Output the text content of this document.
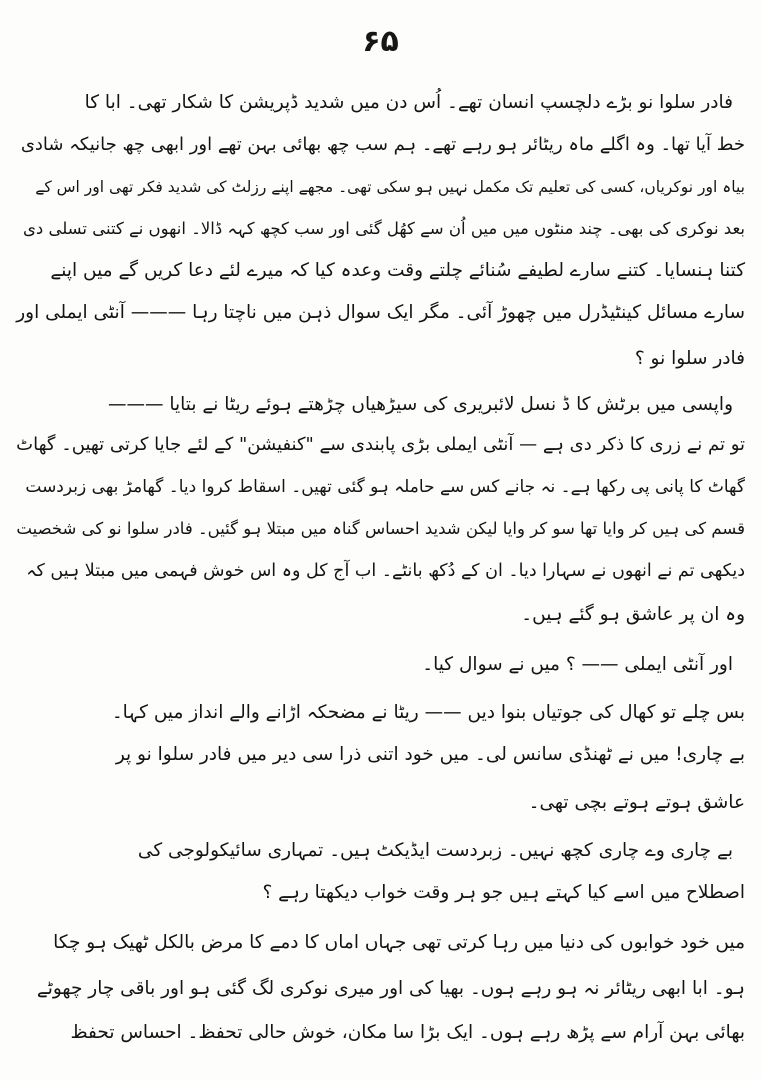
۶۵
فادر سلوا نو بڑے دلچسپ انسان تھے۔ اُس دن میں شدید ڈپریشن کا شکار تھی۔ ابا کا
خط آیا تھا۔ وہ اگلے ماہ ریٹائر ہو رہے تھے۔ ہم سب چھ بھائی بہن تھے اور ابھی چھ جانیکہ شادی
بیاہ اور نوکریاں، کسی کی تعلیم تک مکمل نہیں ہو سکی تھی۔ مجھے اپنے رزلٹ کی شدید فکر تھی اور اس کے
بعد نوکری کی بھی۔ چند منٹوں میں میں اُن سے کھُل گئی اور سب کچھ کہہ ڈالا۔ انھوں نے کتنی تسلی دی
کتنا ہنسایا۔ کتنے سارے لطیفے سُنائے چلتے وقت وعدہ کیا کہ میرے لئے دعا کریں گے میں اپنے
سارے مسائل کینٹیڈرل میں چھوڑ آئی۔ مگر ایک سوال ذہن میں ناچتا رہا ——— آنٹی ایملی اور
فادر سلوا نو ؟
واپسی میں برٹش کا ڈ نسل لائبریری کی سیڑھیاں چڑھتے ہوئے ریٹا نے بتایا ———
تو تم نے زری کا ذکر دی ہے — آنٹی ایملی بڑی پابندی سے "کنفیشن" کے لئے جایا کرتی تھیں۔ گھاٹ
گھاٹ کا پانی پی رکھا ہے۔ نہ جانے کس سے حاملہ ہو گئی تھیں۔ اسقاط کروا دیا۔ گھامڑ بھی زبردست
قسم کی ہیں کر وایا تھا سو کر وایا لیکن شدید احساس گناہ میں مبتلا ہو گئیں۔ فادر سلوا نو کی شخصیت
دیکھی تم نے انھوں نے سہارا دیا۔ ان کے دُکھ بانٹے۔ اب آج کل وہ اس خوش فہمی میں مبتلا ہیں کہ
وہ ان پر عاشق ہو گئے ہیں۔
اور آنٹی ایملی —— ؟ میں نے سوال کیا۔
بس چلے تو کھال کی جوتیاں بنوا دیں —— ریٹا نے مضحکہ اڑانے والے انداز میں کہا۔
بے چاری! میں نے ٹھنڈی سانس لی۔ میں خود اتنی ذرا سی دیر میں فادر سلوا نو پر
عاشق ہوتے ہوتے بچی تھی۔
بے چاری وے چاری کچھ نہیں۔ زبردست ایڈیکٹ ہیں۔ تمہاری سائیکولوجی کی
اصطلاح میں اسے کیا کہتے ہیں جو ہر وقت خواب دیکھتا رہے ؟
میں خود خوابوں کی دنیا میں رہا کرتی تھی جہاں اماں کا دمے کا مرض بالکل ٹھیک ہو چکا
ہو۔ ابا ابھی ریٹائر نہ ہو رہے ہوں۔ بھیا کی اور میری نوکری لگ گئی ہو اور باقی چار چھوٹے
بھائی بہن آرام سے پڑھ رہے ہوں۔ ایک بڑا سا مکان، خوش حالی تحفظ۔ احساس تحفظ
